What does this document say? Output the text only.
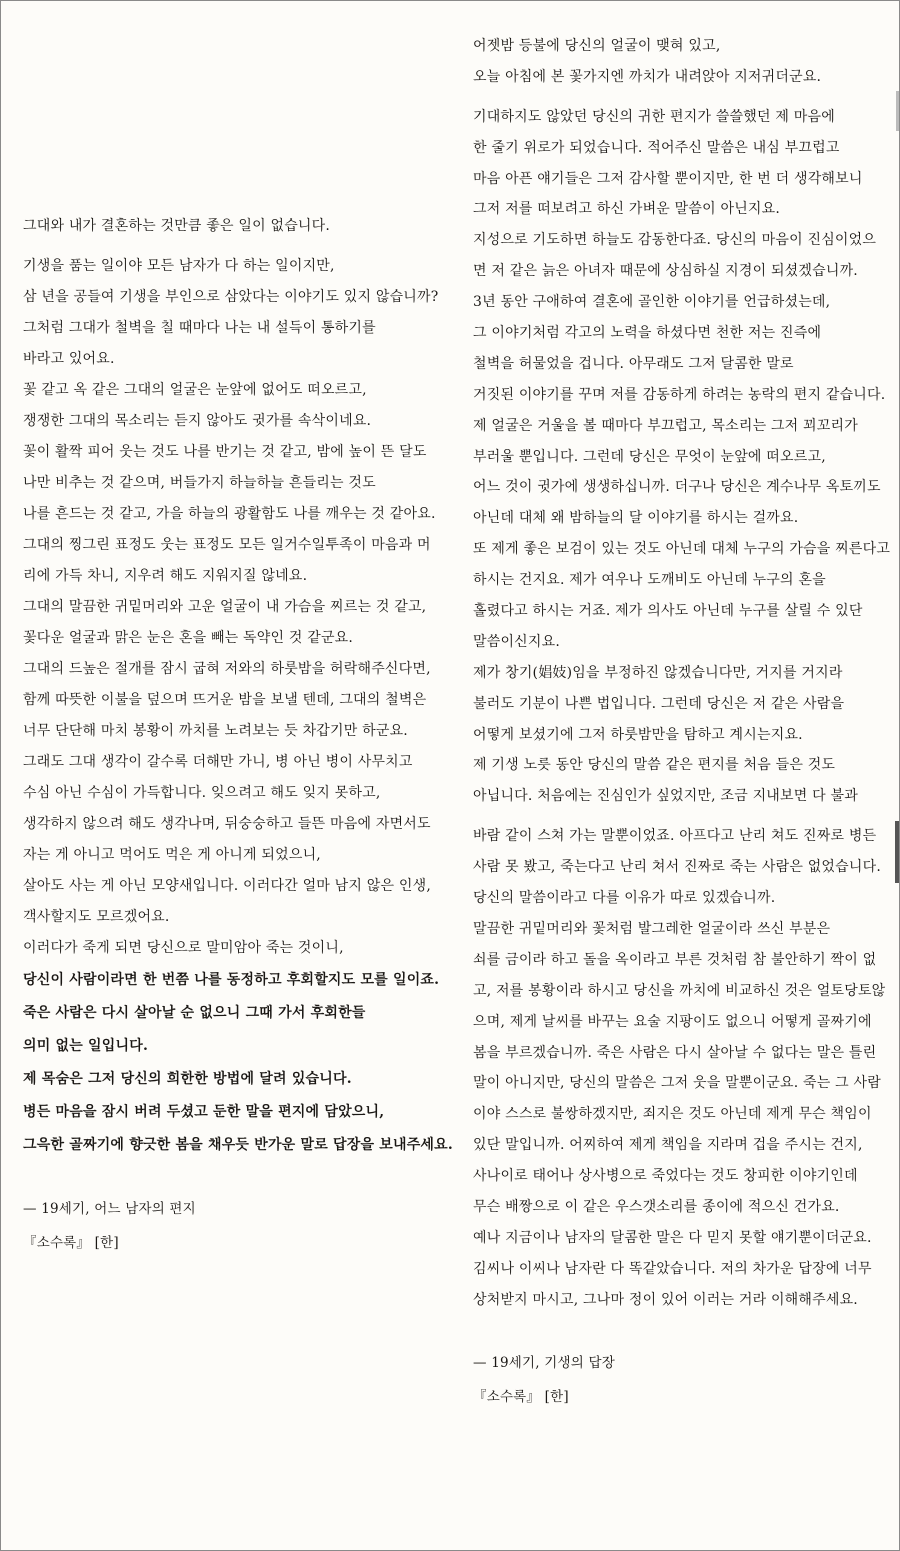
그대와 내가 결혼하는 것만큼 좋은 일이 없습니다.
기생을 품는 일이야 모든 남자가 다 하는 일이지만,
삼 년을 공들여 기생을 부인으로 삼았다는 이야기도 있지 않습니까?
그처럼 그대가 철벽을 칠 때마다 나는 내 설득이 통하기를
바라고 있어요.
꽃 같고 옥 같은 그대의 얼굴은 눈앞에 없어도 떠오르고,
쟁쟁한 그대의 목소리는 듣지 않아도 귓가를 속삭이네요.
꽃이 활짝 피어 웃는 것도 나를 반기는 것 같고, 밤에 높이 뜬 달도
나만 비추는 것 같으며, 버들가지 하늘하늘 흔들리는 것도
나를 흔드는 것 같고, 가을 하늘의 광활함도 나를 깨우는 것 같아요.
그대의 찡그린 표정도 웃는 표정도 모든 일거수일투족이 마음과 머
리에 가득 차니, 지우려 해도 지워지질 않네요.
그대의 말끔한 귀밑머리와 고운 얼굴이 내 가슴을 찌르는 것 같고,
꽃다운 얼굴과 맑은 눈은 혼을 빼는 독약인 것 같군요.
그대의 드높은 절개를 잠시 굽혀 저와의 하룻밤을 허락해주신다면,
함께 따뜻한 이불을 덮으며 뜨거운 밤을 보낼 텐데, 그대의 철벽은
너무 단단해 마치 봉황이 까치를 노려보는 듯 차갑기만 하군요.
그래도 그대 생각이 갈수록 더해만 가니, 병 아닌 병이 사무치고
수심 아닌 수심이 가득합니다. 잊으려고 해도 잊지 못하고,
생각하지 않으려 해도 생각나며, 뒤숭숭하고 들뜬 마음에 자면서도
자는 게 아니고 먹어도 먹은 게 아니게 되었으니,
살아도 사는 게 아닌 모양새입니다. 이러다간 얼마 남지 않은 인생,
객사할지도 모르겠어요.
이러다가 죽게 되면 당신으로 말미암아 죽는 것이니,
당신이 사람이라면 한 번쯤 나를 동정하고 후회할지도 모를 일이죠.
죽은 사람은 다시 살아날 순 없으니 그때 가서 후회한들
의미 없는 일입니다.
제 목숨은 그저 당신의 희한한 방법에 달려 있습니다.
병든 마음을 잠시 버려 두셨고 둔한 말을 편지에 담았으니,
그윽한 골짜기에 향긋한 봄을 채우듯 반가운 말로 답장을 보내주세요.
— 19세기, 어느 남자의 편지
『소수록』 [한]
어젯밤 등불에 당신의 얼굴이 맺혀 있고,
오늘 아침에 본 꽃가지엔 까치가 내려앉아 지저귀더군요.
기대하지도 않았던 당신의 귀한 편지가 쓸쓸했던 제 마음에
한 줄기 위로가 되었습니다. 적어주신 말씀은 내심 부끄럽고
마음 아픈 얘기들은 그저 감사할 뿐이지만, 한 번 더 생각해보니
그저 저를 떠보려고 하신 가벼운 말씀이 아닌지요.
지성으로 기도하면 하늘도 감동한다죠. 당신의 마음이 진심이었으
면 저 같은 늙은 아녀자 때문에 상심하실 지경이 되셨겠습니까.
3년 동안 구애하여 결혼에 골인한 이야기를 언급하셨는데,
그 이야기처럼 각고의 노력을 하셨다면 천한 저는 진즉에
철벽을 허물었을 겁니다. 아무래도 그저 달콤한 말로
거짓된 이야기를 꾸며 저를 감동하게 하려는 농락의 편지 같습니다.
제 얼굴은 거울을 볼 때마다 부끄럽고, 목소리는 그저 꾀꼬리가
부러울 뿐입니다. 그런데 당신은 무엇이 눈앞에 떠오르고,
어느 것이 귓가에 생생하십니까. 더구나 당신은 계수나무 옥토끼도
아닌데 대체 왜 밤하늘의 달 이야기를 하시는 걸까요.
또 제게 좋은 보검이 있는 것도 아닌데 대체 누구의 가슴을 찌른다고
하시는 건지요. 제가 여우나 도깨비도 아닌데 누구의 혼을
홀렸다고 하시는 거죠. 제가 의사도 아닌데 누구를 살릴 수 있단
말씀이신지요.
제가 창기(娼妓)임을 부정하진 않겠습니다만, 거지를 거지라
불러도 기분이 나쁜 법입니다. 그런데 당신은 저 같은 사람을
어떻게 보셨기에 그저 하룻밤만을 탐하고 계시는지요.
제 기생 노릇 동안 당신의 말씀 같은 편지를 처음 들은 것도
아닙니다. 처음에는 진심인가 싶었지만, 조금 지내보면 다 불과
바람 같이 스쳐 가는 말뿐이었죠. 아프다고 난리 쳐도 진짜로 병든
사람 못 봤고, 죽는다고 난리 쳐서 진짜로 죽는 사람은 없었습니다.
당신의 말씀이라고 다를 이유가 따로 있겠습니까.
말끔한 귀밑머리와 꽃처럼 발그레한 얼굴이라 쓰신 부분은
쇠를 금이라 하고 돌을 옥이라고 부른 것처럼 참 불안하기 짝이 없
고, 저를 봉황이라 하시고 당신을 까치에 비교하신 것은 얼토당토않
으며, 제게 날씨를 바꾸는 요술 지팡이도 없으니 어떻게 골짜기에
봄을 부르겠습니까. 죽은 사람은 다시 살아날 수 없다는 말은 틀린
말이 아니지만, 당신의 말씀은 그저 웃을 말뿐이군요. 죽는 그 사람
이야 스스로 불쌍하겠지만, 죄지은 것도 아닌데 제게 무슨 책임이
있단 말입니까. 어찌하여 제게 책임을 지라며 겁을 주시는 건지,
사나이로 태어나 상사병으로 죽었다는 것도 창피한 이야기인데
무슨 배짱으로 이 같은 우스갯소리를 종이에 적으신 건가요.
예나 지금이나 남자의 달콤한 말은 다 믿지 못할 얘기뿐이더군요.
김씨나 이씨나 남자란 다 똑같았습니다. 저의 차가운 답장에 너무
상처받지 마시고, 그나마 정이 있어 이러는 거라 이해해주세요.
— 19세기, 기생의 답장
『소수록』 [한]
